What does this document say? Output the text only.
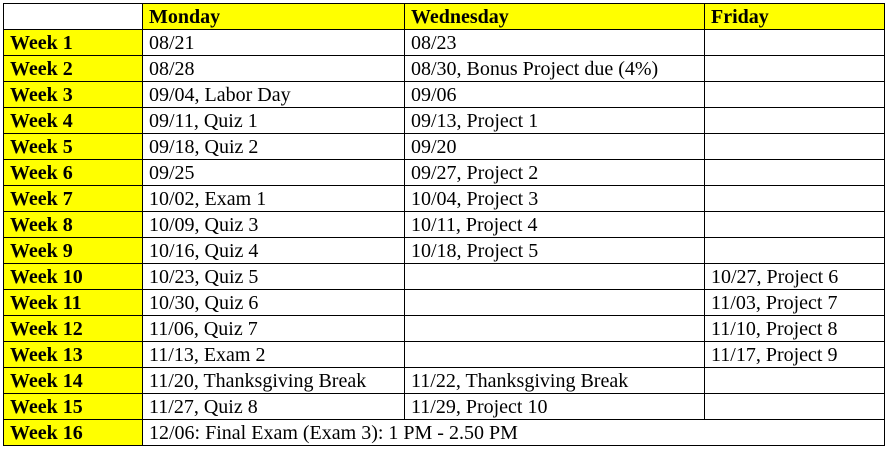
	Monday	Wednesday	Friday
Week 1	08/21	08/23	
Week 2	08/28	08/30, Bonus Project due (4%)	
Week 3	09/04, Labor Day	09/06	
Week 4	09/11, Quiz 1	09/13, Project 1	
Week 5	09/18, Quiz 2	09/20	
Week 6	09/25	09/27, Project 2	
Week 7	10/02, Exam 1	10/04, Project 3	
Week 8	10/09, Quiz 3	10/11, Project 4	
Week 9	10/16, Quiz 4	10/18, Project 5	
Week 10	10/23, Quiz 5		10/27, Project 6
Week 11	10/30, Quiz 6		11/03, Project 7
Week 12	11/06, Quiz 7		11/10, Project 8
Week 13	11/13, Exam 2		11/17, Project 9
Week 14	11/20, Thanksgiving Break	11/22, Thanksgiving Break	
Week 15	11/27, Quiz 8	11/29, Project 10	
Week 16	12/06: Final Exam (Exam 3): 1 PM - 2.50 PM		
